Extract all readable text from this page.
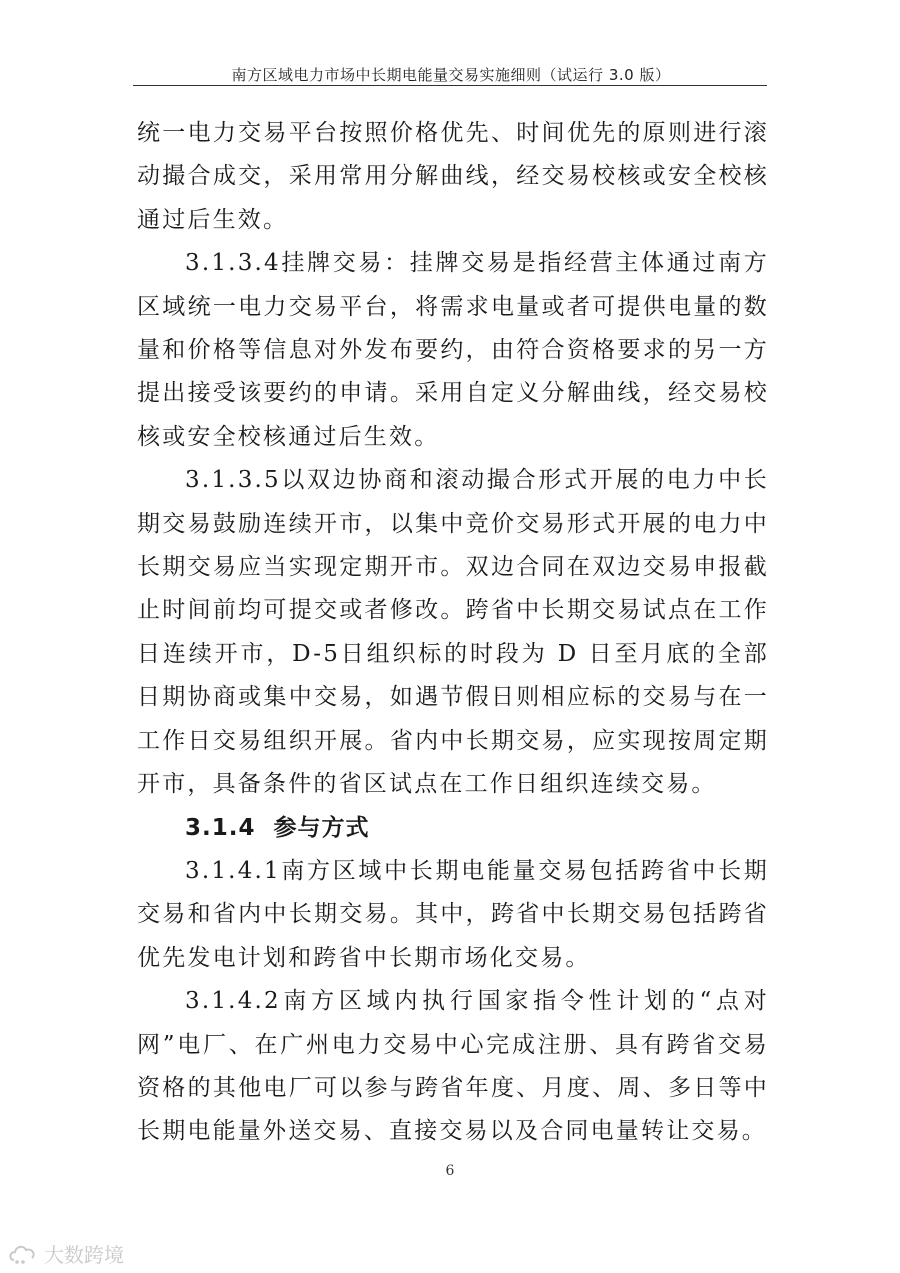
南方区域电力市场中长期电能量交易实施细则（试运行 3.0 版）

统一电力交易平台按照价格优先、时间优先的原则进行滚动撮合成交，采用常用分解曲线，经交易校核或安全校核通过后生效。

3.1.3.4挂牌交易：挂牌交易是指经营主体通过南方区域统一电力交易平台，将需求电量或者可提供电量的数量和价格等信息对外发布要约，由符合资格要求的另一方提出接受该要约的申请。采用自定义分解曲线，经交易校核或安全校核通过后生效。

3.1.3.5以双边协商和滚动撮合形式开展的电力中长期交易鼓励连续开市，以集中竞价交易形式开展的电力中长期交易应当实现定期开市。双边合同在双边交易申报截止时间前均可提交或者修改。跨省中长期交易试点在工作日连续开市，D-5日组织标的时段为 D 日至月底的全部日期协商或集中交易，如遇节假日则相应标的交易与在一工作日交易组织开展。省内中长期交易，应实现按周定期开市，具备条件的省区试点在工作日组织连续交易。

3.1.4 参与方式

3.1.4.1南方区域中长期电能量交易包括跨省中长期交易和省内中长期交易。其中，跨省中长期交易包括跨省优先发电计划和跨省中长期市场化交易。

3.1.4.2南方区域内执行国家指令性计划的“点对网”电厂、在广州电力交易中心完成注册、具有跨省交易资格的其他电厂可以参与跨省年度、月度、周、多日等中长期电能量外送交易、直接交易以及合同电量转让交易。

6
大数跨境
